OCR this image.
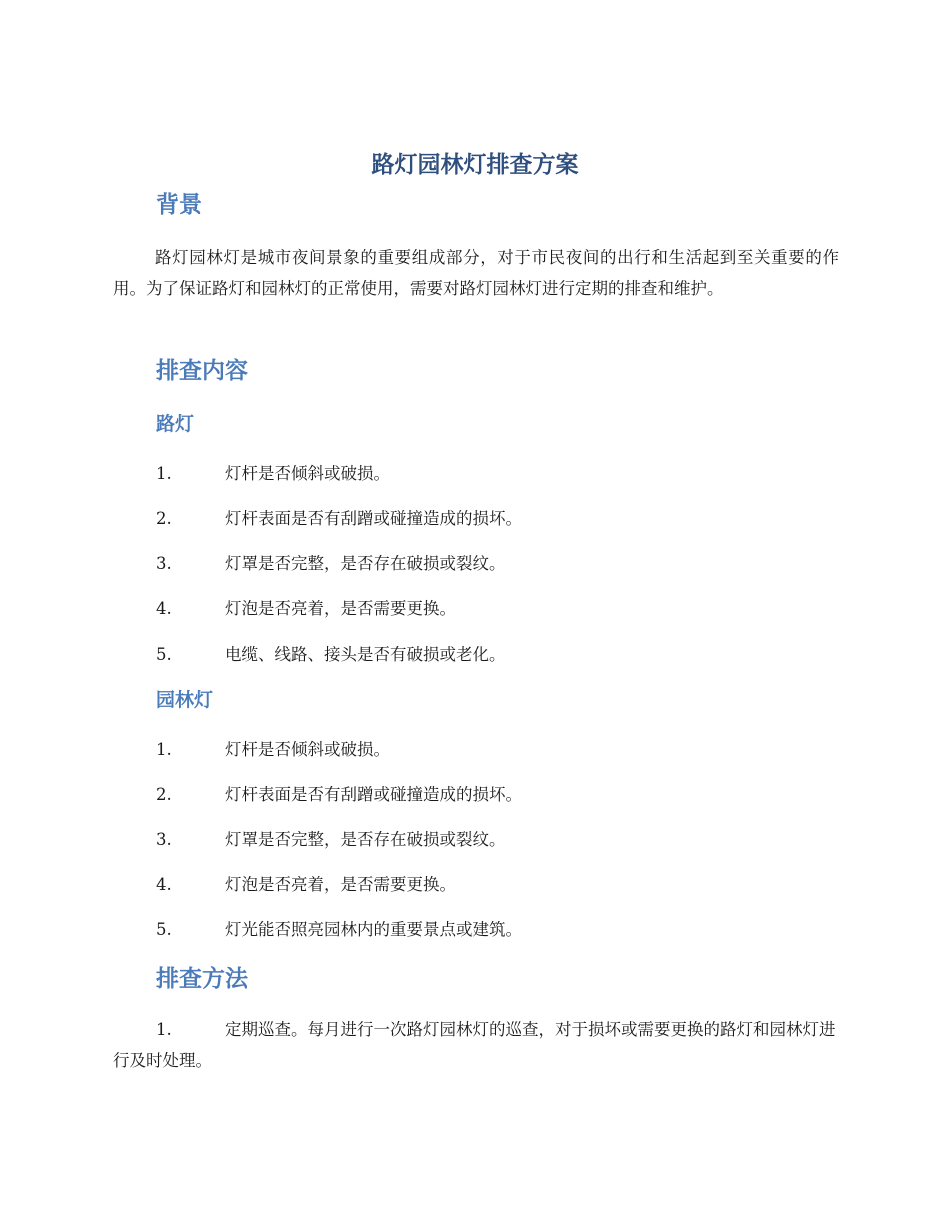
路灯园林灯排查方案
背景

路灯园林灯是城市夜间景象的重要组成部分，对于市民夜间的出行和生活起到至关重要的作用。为了保证路灯和园林灯的正常使用，需要对路灯园林灯进行定期的排查和维护。

排查内容
路灯

1.	灯杆是否倾斜或破损。

2.	灯杆表面是否有刮蹭或碰撞造成的损坏。

3.	灯罩是否完整，是否存在破损或裂纹。

4.	灯泡是否亮着，是否需要更换。

5.	电缆、线路、接头是否有破损或老化。

园林灯

1.	灯杆是否倾斜或破损。

2.	灯杆表面是否有刮蹭或碰撞造成的损坏。

3.	灯罩是否完整，是否存在破损或裂纹。

4.	灯泡是否亮着，是否需要更换。

5.	灯光能否照亮园林内的重要景点或建筑。

排查方法

1.	定期巡查。每月进行一次路灯园林灯的巡查，对于损坏或需要更换的路灯和园林灯进行及时处理。
